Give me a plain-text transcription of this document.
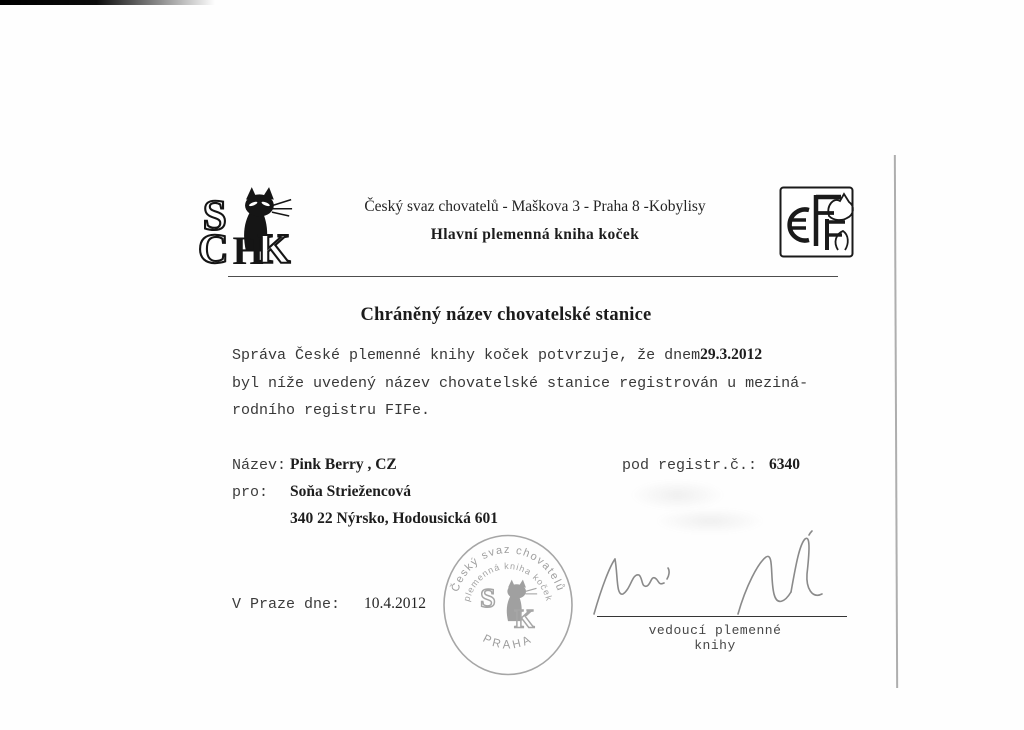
S
C H
K
Český svaz chovatelů - Maškova 3 - Praha 8 -Kobylisy
Hlavní plemenná kniha koček
Chráněný název chovatelské stanice
Správa České plemenné knihy koček potvrzuje, že dnem29.3.2012
byl níže uvedený název chovatelské stanice registrován u meziná-
rodního registru FIFe.
Název: Pink Berry , CZ	pod registr.č.: 6340
pro: Soňa Striežencová
340 22 Nýrsko, Hodousická 601
V Praze dne: 10.4.2012
Český svaz chovatelů
plemenná kniha koček
PRAHA
S
K	vedoucí plemenné knihy
